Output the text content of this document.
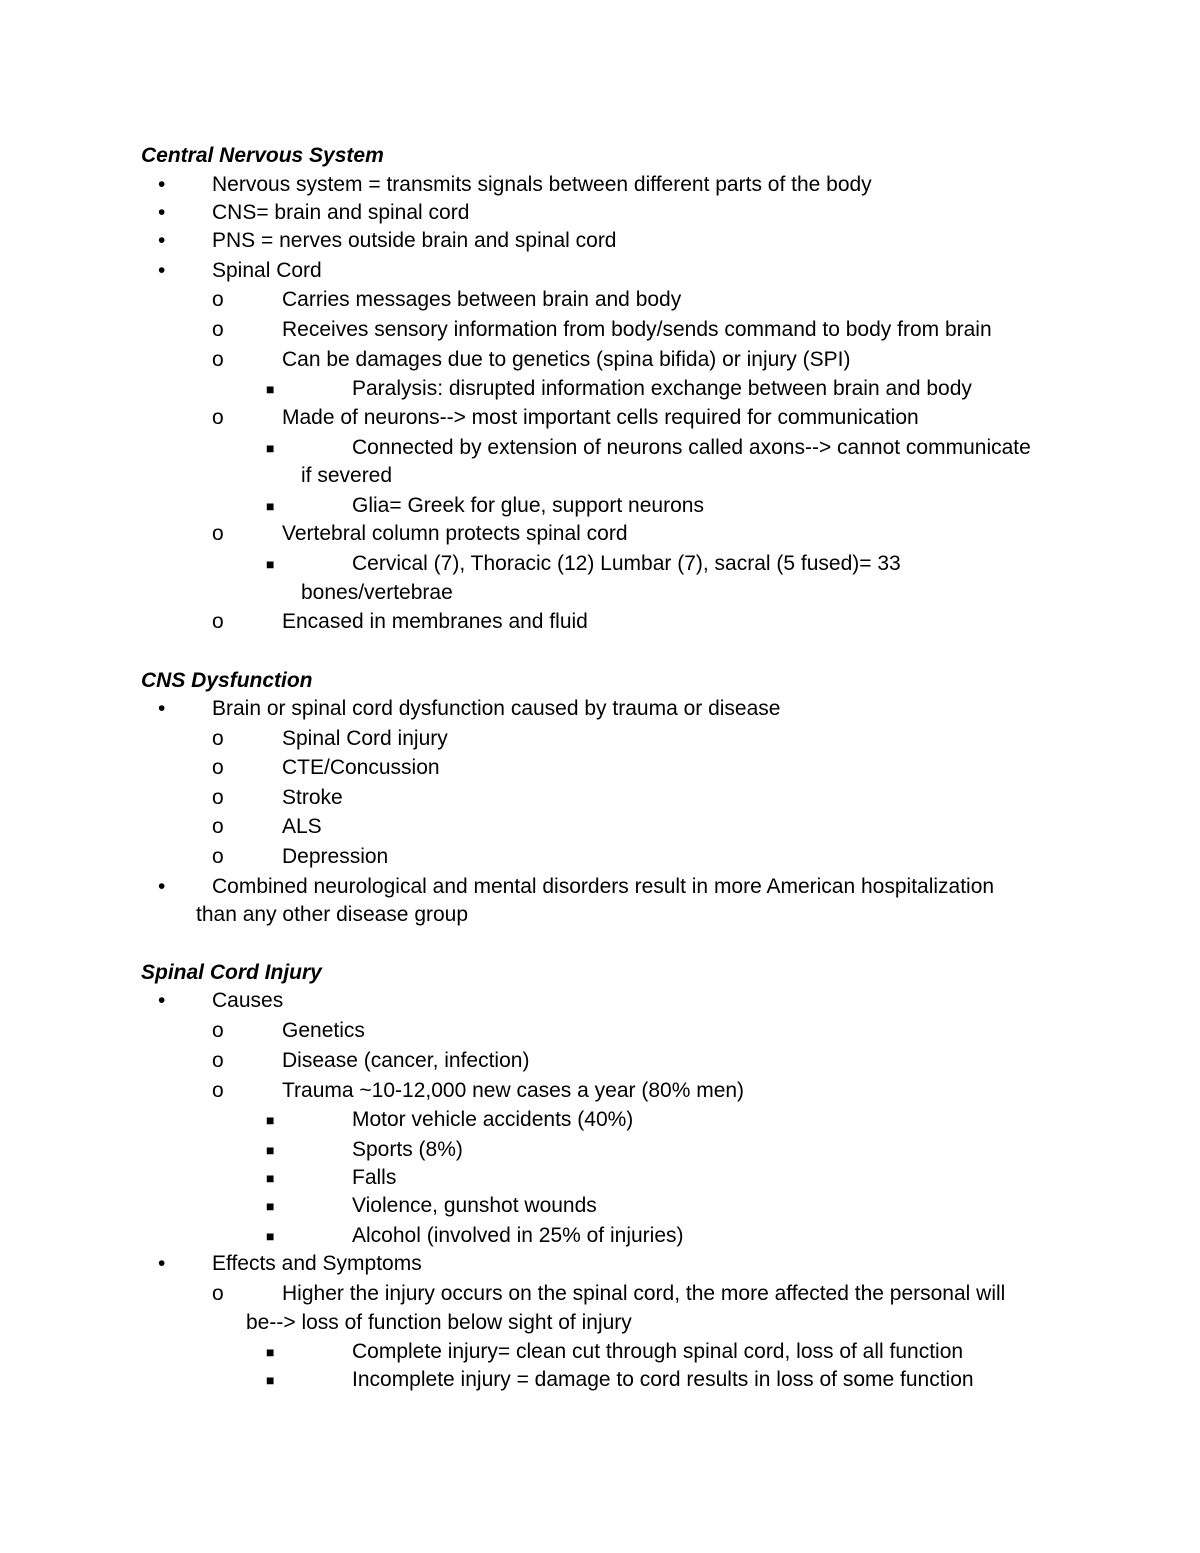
Central Nervous System
• Nervous system = transmits signals between different parts of the body
• CNS= brain and spinal cord
• PNS = nerves outside brain and spinal cord
• Spinal Cord
o	Carries messages between brain and body
o	Receives sensory information from body/sends command to body from brain
o	Can be damages due to genetics (spina bifida) or injury (SPI)
■	Paralysis: disrupted information exchange between brain and body
o	Made of neurons--> most important cells required for communication
■	Connected by extension of neurons called axons--> cannot communicate
if severed
■	Glia= Greek for glue, support neurons
o	Vertebral column protects spinal cord
■	Cervical (7), Thoracic (12) Lumbar (7), sacral (5 fused)= 33
bones/vertebrae
o	Encased in membranes and fluid
CNS Dysfunction
• Brain or spinal cord dysfunction caused by trauma or disease
o	Spinal Cord injury
o	CTE/Concussion
o	Stroke
o	ALS
o	Depression
• Combined neurological and mental disorders result in more American hospitalization
than any other disease group
Spinal Cord Injury
• Causes
o	Genetics
o	Disease (cancer, infection)
o	Trauma ~10-12,000 new cases a year (80% men)
■	Motor vehicle accidents (40%)
■	Sports (8%)
■	Falls
■	Violence, gunshot wounds
■	Alcohol (involved in 25% of injuries)
• Effects and Symptoms
o	Higher the injury occurs on the spinal cord, the more affected the personal will
be--> loss of function below sight of injury
■	Complete injury= clean cut through spinal cord, loss of all function
■	Incomplete injury = damage to cord results in loss of some function
